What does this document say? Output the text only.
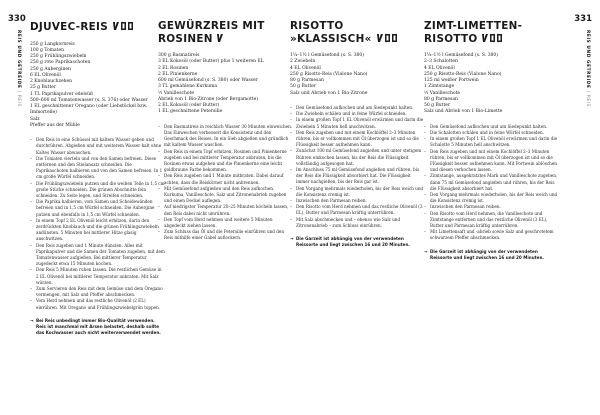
330	331
REIS UND GETREIDE | REIS
REIS UND GETREIDE | REIS
DJUVEC-REIS
250 g Langkornreis
100 g Tomaten
250 g Frühlingszwiebeln
250 g rote Paprikaschoten
250 g Auberginen
6 EL Olivenöl
2 Knoblauchzehen
25 g Butter
1 TL Paprikapulver edelsüß
500–600 ml Tomatenwasser (s. S. 376) oder Wasser
1 EL geschnittener Oregano (oder Liebstöckel bzw. Immortelle)
Salz
Pfeffer aus der Mühle
– Den Reis in eine Schüssel mit kaltem Wasser geben und durchrühren. Abgießen und mit weiterem Wasser kalt ohne Kaltes Wasser abwaschen.
– Die Tomaten vierteln und von den Samen befreien. Diese entfernen und den Stielansatz schneiden. Die Paprikaschoten halbieren und von den Samen befreien. In 1 cm große Würfel schneiden.
– Die Frühlingszwiebeln putzen und die weißen Teile in 1,5 cm große Stücke schneiden. Die grünen Abschnitte fein schneiden. Zu Seite legen, und Streifen schneiden.
– Die Paprika halbieren, vom Samen und Scheidewänden befreien und in 1,5 cm Würfel schneiden. Die Aubergine putzen und ebenfalls in 1,5 cm Würfel schneiden.
– In einem Topf 2 EL Olivenöl leicht erhitzen, darin den zerdrückten Knoblauch und die grünen Frühlingszwiebeln andünsten. 5 Minuten bei mittlerer Hitze glasig anschwitzen.
– Den Reis zugeben und 1 Minute dünsten. Alles mit Paprikapulver und die Samen der Tomaten zugeben, mit dem Tomatenwasser aufgießen. Bei mittlerer Temperatur zugedeckt etwa 15 Minuten kochen.
– Den Reis 5 Minuten ruhen lassen. Die restlichen Gemüse in 2 EL Olivenöl bei mittlerer Temperatur anbraten. Mit Salz würzen.
– Zum Servieren den Reis mit dem Gemüse und dem Oregano vermengen, mit Salz und Pfeffer abschmecken.
– Vom Herd nehmen und das restliche Olivenöl (2 EL) einrühren. Mit Oregano und Frühlingszwiebelgrün toppen.
→ Bei Reis unbedingt immer Bio-Qualität verwenden. Reis ist manchmal mit Arsen belastet, deshalb sollte das Kochwasser auch nicht weiterverwendet werden.
GEWÜRZREIS MIT ROSINEN
300 g Basmatireis
3 EL Kokosöl (oder Butter) plus 1 weiteren EL
2 EL Rosinen
2 EL Pinienkerne
600 ml Gemüsefond (s. S. 380) oder Wasser
3 TL gemahlene Kurkuma
½ Vanilleschote
Abrieb von 1 Bio-Zitrone (oder Bergamotte)
2 EL Kokosöl (oder Butter)
1 EL geschnittene Petersilie
– Den Basmatireis in reichlich Wasser 30 Minuten einweichen. Das Einweichen verbessert die Konsistenz und den Geschmack des Reises. In ein Sieb abgießen und gründlich mit kaltem Wasser waschen.
– Den Reis in einem Topf erhitzen, Rosinen und Pinienkerne zugeben und bei mittlerer Temperatur anbraten, bis die Rosinen etwas aufgehen und die Pinienkerne eine leicht goldbraune Farbe bekommen.
– Den Reis zugeben und 1 Minute mitbraten. Dabei darauf achten, dass die Reiskörner nicht anbrennen.
– Mit Gemüsefond aufgießen und den Reis aufkochen. Kurkuma, Vanilleschote, Salz und Zitronenabrieb zugeben und einen Deckel auflegen.
– Auf niedrigster Temperatur 20–25 Minuten köcheln lassen, den Reis dabei nicht umrühren.
– Den Topf vom Herd nehmen und weitere 5 Minuten abgedeckt ziehen lassen.
– Zum Schluss das Öl und die Petersilie einrühren und den Reis mithilfe einer Gabel auflockern.
RISOTTO »KLASSISCH«
1¼–1½ l Gemüsefond (s. S. 380)
2 Zwiebeln
4 EL Olivenöl
250 g Risotto-Reis (Vialone Nano)
80 g Parmesan
50 g Butter
Salz und Abrieb von 1 Bio-Zitrone
– Den Gemüsefond aufkochen und am Siedepunkt halten.
– Die Zwiebeln schälen und in feine Würfel schneiden.
– In einem großen Topf 1 EL Olivenöl erwärmen und darin die Zwiebeln 5 Minuten hell anschwitzen.
– Den Reis zugeben und mit einem Kochlöffel 2–3 Minuten rühren, bis er vollkommen mit Öl überzogen ist und so die Flüssigkeit besser aufnehmen kann.
– Zunächst 100 ml Gemüsefond angießen und unter stetigem Rühren einkochen lassen, bis der Reis die Flüssigkeit vollständig aufgesogen hat.
– Im Anschluss 75 ml Gemüsefond angießen und rühren, bis der Reis die Flüssigkeit absorbiert hat. Die Flüssigkeit immer nachgießen, bis der Reis gar ist.
– Den Vorgang mehrmals wiederholen, bis der Reis weich und die Konsistenz cremig ist.
– Inzwischen den Parmesan reiben.
– Den Risotto vom Herd nehmen und das restliche Olivenöl (3 EL), Butter und Parmesan kräftig unterrühren.
– Mit Salz abschmecken und – ebenso wie Salz und Zitronenabrieb – zum Schluss einrühren.
→ Die Garzeit ist abhängig von der verwendeten Reissorte und liegt zwischen 16 und 20 Minuten.
ZIMT-LIMETTEN-RISOTTO
1¼–1½ l Gemüsefond (s. S. 380)
2–3 Schalotten
4 EL Olivenöl
250 g Risotto-Reis (Vialone Nano)
125 ml weißer Portwein
1 Zimtstange
½ Vanilleschote
80 g Parmesan
50 g Butter
Salz und Abrieb von 1 Bio-Limette
– Den Gemüsefond aufkochen und am Siedepunkt halten.
– Die Schalotten schälen und in feine Würfel schneiden.
– In einem großen Topf 1 EL Olivenöl erwärmen und darin die Schalotte 5 Minuten hell anschwitzen.
– Den Reis zugeben und mit einem Kochlöffel 2–3 Minuten rühren, bis er vollkommen mit Öl überzogen ist und so die Flüssigkeit besser aufnehmen kann. Mit Portwein ablöschen und diesen verkochen lassen.
– Zimtstange, ausgekratztes Mark und Vanilleschote zugeben, dann 75 ml Gemüsefond angießen und rühren, bis der Reis die Flüssigkeit absorbiert hat.
– Den Vorgang mehrmals wiederholen, bis der Reis weich und die Konsistenz cremig ist.
– Inzwischen den Parmesan reiben.
– Den Risotto vom Herd nehmen, die Vanilleschote und Zimtstange entfernen und das restliche Olivenöl (3 EL), Butter und Parmesan kräftig unterrühren.
– Mit Limettensaft und -abrieb sowie Salz und geschrotetem schwarzem Pfeffer abschmecken.
→ Die Garzeit ist abhängig von der verwendeten Reissorte und liegt zwischen 16 und 20 Minuten.
